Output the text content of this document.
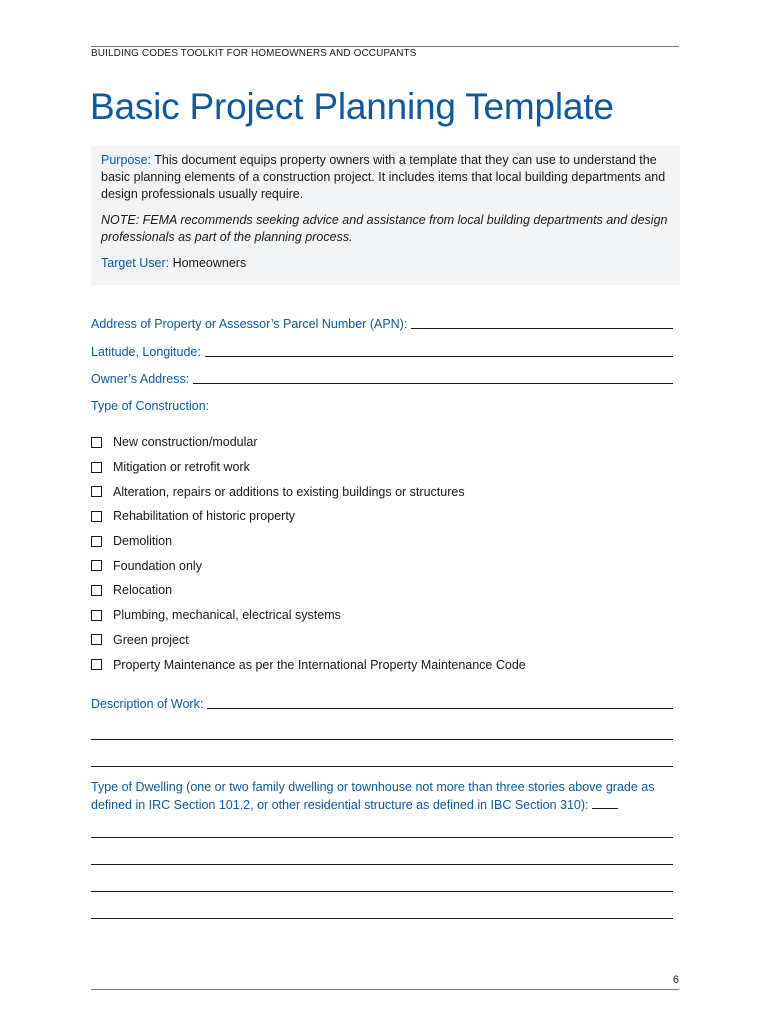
BUILDING CODES TOOLKIT FOR HOMEOWNERS AND OCCUPANTS
Basic Project Planning Template

Purpose: This document equips property owners with a template that they can use to understand the basic planning elements of a construction project. It includes items that local building departments and design professionals usually require.

NOTE: FEMA recommends seeking advice and assistance from local building departments and design professionals as part of the planning process.

Target User: Homeowners

Address of Property or Assessor’s Parcel Number (APN):
Latitude, Longitude:
Owner’s Address:
Type of Construction:
New construction/modular
Mitigation or retrofit work
Alteration, repairs or additions to existing buildings or structures
Rehabilitation of historic property
Demolition
Foundation only
Relocation
Plumbing, mechanical, electrical systems
Green project
Property Maintenance as per the International Property Maintenance Code
Description of Work:
Type of Dwelling (one or two family dwelling or townhouse not more than three stories above grade as defined in IRC Section 101.2, or other residential structure as defined in IBC Section 310):
6
